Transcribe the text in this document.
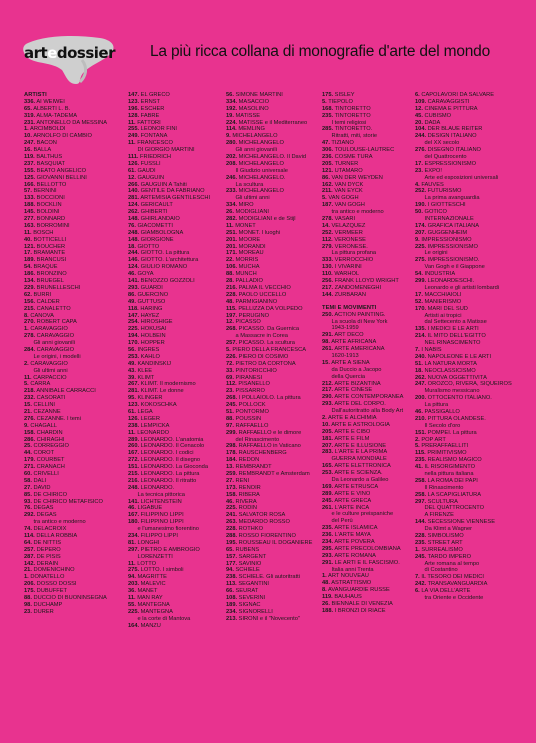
artedossier La più ricca collana di monografie d'arte del mondo
ARTISTI
336. AI WEIWEI
65. ALBERTI L. B.
319. ALMA-TADEMA
231. ANTONELLO DA MESSINA
1. ARCIMBOLDI
10. ARNOLFO DI CAMBIO
247. BACON
16. BALLA
119. BALTHUS
237. BASQUIAT
155. BEATO ANGELICO
125. GIOVANNI BELLINI
166. BELLOTTO
57. BERNINI
133. BOCCIONI
188. BOCKLIN
145. BOLDINI
277. BONNARD
163. BORROMINI
11. BOSCH
40. BOTTICELLI
121. BOUCHER
17. BRAMANTE
189. BRANCUSI
54. BRAQUE
186. BRONZINO
134. BRUEGEL
229. BRUNELLESCHI
62. BURRI
156. CALDER
215. CANALETTO
8. CANOVA
270. ROBERT CAPA
1. CARAVAGGIO
278. CARAVAGGIO
Gli anni giovanili
284. CARAVAGGIO
Le origini, i modelli
2. CARAVAGGIO
Gli ultimi anni
11. CARPACCIO
5. CARRÀ
218. ANNIBALE CARRACCI
232. CASORATI
15. CELLINI
21. CÉZANNE
276. CÉZANNE. I temi
9. CHAGALL
158. CHARDIN
286. CHIRAGHI
25. CORREGGIO
44. COROT
179. COURBET
271. CRANACH
60. CRIVELLI
58. DALÍ
27. DAVID
85. DE CHIRICO
93. DE CHIRICO METAFISICO
76. DEGAS
292. DEGAS
tra antico e moderno
74. DELACROIX
114. DELLA ROBBIA
64. DE NITTIS
257. DEPERO
287. DE PISIS
142. DERAIN
21. DOMENICHINO
1. DONATELLO
206. DOSSO DOSSI
175. DUBUFFET
88. DUCCIO DI BUONINSEGNA
98. DUCHAMP
23. DÜRER
147. EL GRECO
123. ERNST
196. ESCHER
128. FABRE
11. FATTORI
255. LEONOR FINI
249. FONTANA
11. FRANCESCO
DI GIORGIO MARTINI
111. FRIEDRICH
126. FÜSSLI
61. GAUDÍ
12. GAUGUIN
266. GAUGUIN A Tahiti
140. GENTILE DA FABRIANO
281. ARTEMISIA GENTILESCHI
124. GÉRICAULT
262. GHIBERTI
148. GHIRLANDAIO
76. GIACOMETTI
248. GIAMBOLOGNA
148. GIORGIONE
18. GIOTTO
244. GIOTTO. La pittura
146. GIOTTO. L'architettura
124. GIULIO ROMANO
46. GOYA
141. BENOZZO GOZZOLI
293. GUARDI
86. GUERCINO
49. GUTTUSO
118. HARING
147. HAYEZ
254. HIROSHIGE
225. HOKUSAI
194. HOLBEIN
170. HOPPER
56. INGRES
253. KAHLO
49. KANDINSKIJ
43. KLEE
39. KLIMT
267. KLIMT. Il modernismo
281. KLIMT. Le donne
95. KLINGER
123. KOKOSCHKA
61. LÉGA
126. LÉGER
238. LEMPICKA
11. LEONARDO
289. LEONARDO. L'anatomia
260. LEONARDO. Il Cenacolo
167. LEONARDO. I codici
272. LEONARDO. Il disegno
151. LEONARDO. La Gioconda
215. LEONARDO. La pittura
216. LEONARDO. Il ritratto
248. LEONARDO.
La tecnica pittorica
141. LICHTENSTEIN
46. LIGABUE
167. FILIPPINO LIPPI
180. FILIPPINO LIPPI
e l'umanesimo fiorentino
234. FILIPPO LIPPI
81. LONGHI
297. PIETRO E AMBROGIO
LORENZETTI
11. LOTTO
275. LOTTO. I simboli
94. MAGRITTE
203. MALEVIČ
36. MANET
11. MAN RAY
55. MANTEGNA
225. MANTEGNA
e la corte di Mantova
164. MANZÙ
56. SIMONE MARTINI
334. MASACCIO
192. MASOLINO
19. MATISSE
224. MATISSE e il Mediterraneo
114. MEMLING
9. MICHELANGELO
280. MICHELANGELO
Gli anni giovanili
202. MICHELANGELO. Il David
208. MICHELANGELO
Il Giudizio universale
246. MICHELANGELO.
La scultura
233. MICHELANGELO
Gli ultimi anni
334. MIRÓ
26. MODIGLIANI
282. MODIGLIANI e de Stijl
11. MONET
251. MONET. I luoghi
201. MOORE
201. MORANDI
171. MOREAU
22. MORRIS
106. MUCHA
88. MUNCH
28. PALLADIO
216. PALMA IL VECCHIO
228. PAOLO UCCELLO
48. PARMIGIANINO
115. PELLIZZA DA VOLPEDO
197. PERUGINO
12. PICASSO
268. PICASSO. Da Guernica
a Massacre in Corea
257. PICASSO. La scultura
5. PIERO DELLA FRANCESCA
226. PIERO DI COSIMO
72. PIETRO DA CORTONA
33. PINTORICCHIO
69. PIRANESI
112. PISANELLO
23. PISSARRO
268. I POLLAIOLO. La pittura
245. POLLOCK
51. PONTORMO
88. POUSSIN
97. RAFFAELLO
299. RAFFAELLO e le dimore
del Rinascimento
298. RAFFAELLO in Vaticano
178. RAUSCHENBERG
184. REDON
13. REMBRANDT
259. REMBRANDT e Amsterdam
27. RENI
173. RENOIR
158. RIBERA
46. RIVERA
225. RODIN
241. SALVATOR ROSA
263. MEDARDO ROSSO
228. ROTHKO
288. ROSSO FIORENTINO
195. ROUSSEAU IL DOGANIERE
65. RUBENS
157. SARGENT
177. SAVINIO
94. SCHIELE
238. SCHIELE. Gli autoritratti
113. SEGANTINI
66. SEURAT
108. SEVERINI
189. SIGNAC
234. SIGNORELLI
213. SIRONI e il "Novecento"
175. SISLEY
5. TIEPOLO
168. TINTORETTO
235. TINTORETTO
I temi religiosi
285. TINTORETTO.
Ritratti, miti, storie
47. TIZIANO
306. TOULOUSE-LAUTREC
236. COSMÈ TURA
205. TURNER
121. UTAMARO
86. VAN DER WEYDEN
162. VAN DYCK
211. VAN EYCK
5. VAN GOGH
187. VAN GOGH
tra antico e moderno
278. VASARI
14. VELÁZQUEZ
252. VERMEER
112. VERONESE
279. VERONESE.
La pittura profana
333. VERROCCHIO
130. I VIVARINI
110. WARHOL
256. FRANK LLOYD WRIGHT
217. ZANDOMENEGHI
144. ZURBARÁN
TEMI E MOVIMENTI
250. ACTION PAINTING.
La scuola di New York
1943-1959
291. ART DÉCO
98. ARTE AFRICANA
261. ARTE AMERICANA
1620-1913
15. ARTE A SIENA
da Duccio a Jacopo
della Quercia
212. ARTE BIZANTINA
217. ARTE CINESE
290. ARTE CONTEMPORANEA
293. ARTE DEL CORPO.
Dall'autoritratto alla Body Art
2. ARTE E ALCHIMIA
10. ARTE E ASTROLOGIA
205. ARTE E CIBO
181. ARTE E FILM
207. ARTE E ILLUSIONE
283. L'ARTE E LA PRIMA
GUERRA MONDIALE
165. ARTE ELETTRONICA
253. ARTE E SCIENZA.
Da Leonardo a Galileo
169. ARTE ETRUSCA
289. ARTE E VINO
245. ARTE GRECA
261. L'ARTE INCA
e le culture preispaniche
del Perù
235. ARTE ISLAMICA
236. L'ARTE MAYA
234. ARTE POVERA
295. ARTE PRECOLOMBIANA
293. ARTE ROMANA
291. LE ARTI E IL FASCISMO.
Italia anni Trenta
1. ART NOUVEAU
48. ASTRATTISMO
8. AVANGUARDIE RUSSE
119. BAUHAUS
26. BIENNALE DI VENEZIA
188. I BRONZI DI RIACE
6. CAPOLAVORI DA SALVARE
109. CARAVAGGISTI
12. CINEMA E PITTURA
45. CUBISMO
20. DADA
104. DER BLAUE REITER
244. DESIGN ITALIANO
del XX secolo
276. DISEGNO ITALIANO
del Quattrocento
17. ESPRESSIONISMO
23. EXPO!
Arte ed esposizioni universali
4. FAUVES
252. FUTURISMO
La prima avanguardia
190. I GIOTTESCHI
50. GOTICO
INTERNAZIONALE
174. GRAFICA ITALIANA
207. GUGGENHEIM
9. IMPRESSIONISMO
225. IMPRESSIONISMO
Le origini
275. IMPRESSIONISMO.
Van Gogh e il Giappone
54. INDUSTRIA
299. LEONARDESCHI.
Leonardo e gli artisti lombardi
17. MACCHIAIOLI
52. MANIERISMO
170. MARI DEL SUD
Artisti ai tropici
dal Settecento a Matisse
135. I MEDICI E LE ARTI
214. IL MITO DELL'EGITTO
NEL RINASCIMENTO
7. I NABIS
240. NAPOLEONE E LE ARTI
51. LA NATURA MORTA
18. NEOCLASSICISMO
262. NUOVA OGGETTIVITÀ
247. OROZCO, RIVERA, SIQUEIROS
Muralismo messicano
200. OTTOCENTO ITALIANO.
La pittura
46. PASSIGALLO
210. PITTURA OLANDESE.
Il Secolo d'oro
151. POMPEI. La pittura
2. POP ART
5. PRERAFFAELLITI
115. PRIMITIVISMO
235. REALISMO MAGICO
41. IL RISORGIMENTO
nella pittura italiana
258. LA ROMA DEI PAPI
Il Rinascimento
258. LA SCAPIGLIATURA
297. SCULTURA
DEL QUATTROCENTO
A FIRENZE
144. SECESSIONE VIENNESE
Da Klimt a Wagner
228. SIMBOLISMO
235. STREET ART
1. SURREALISMO
245. TARDO IMPERO
Arte romana al tempo
di Costantino
7. IL TESORO DEI MEDICI
242. TRANSAVANGUARDIA
6. LA VIA DELL'ARTE
tra Oriente e Occidente
